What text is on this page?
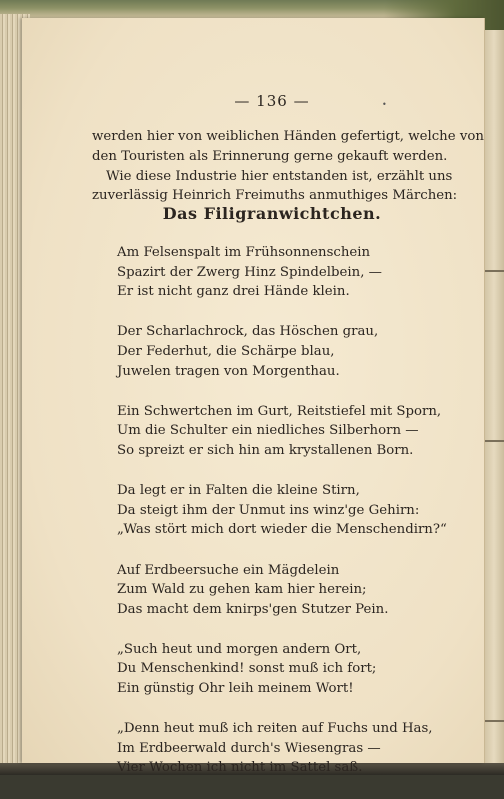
— 136 —	•
werden hier von weiblichen Händen gefertigt, welche von
den Touristen als Erinnerung gerne gekauft werden.
Wie diese Industrie hier entstanden ist, erzählt uns
zuverlässig Heinrich Freimuths anmuthiges Märchen:
Das Filigranwichtchen.
Am Felsenspalt im Frühsonnenschein
Spazirt der Zwerg Hinz Spindelbein, —
Er ist nicht ganz drei Hände klein.
Der Scharlachrock, das Höschen grau,
Der Federhut, die Schärpe blau,
Juwelen tragen von Morgenthau.
Ein Schwertchen im Gurt, Reitstiefel mit Sporn,
Um die Schulter ein niedliches Silberhorn —
So spreizt er sich hin am krystallenen Born.
Da legt er in Falten die kleine Stirn,
Da steigt ihm der Unmut ins winz'ge Gehirn:
„Was stört mich dort wieder die Menschendirn?“
Auf Erdbeersuche ein Mägdelein
Zum Wald zu gehen kam hier herein;
Das macht dem knirps'gen Stutzer Pein.
„Such heut und morgen andern Ort,
Du Menschenkind! sonst muß ich fort;
Ein günstig Ohr leih meinem Wort!
„Denn heut muß ich reiten auf Fuchs und Has,
Im Erdbeerwald durch's Wiesengras —
Vier Wochen ich nicht im Sattel saß.
